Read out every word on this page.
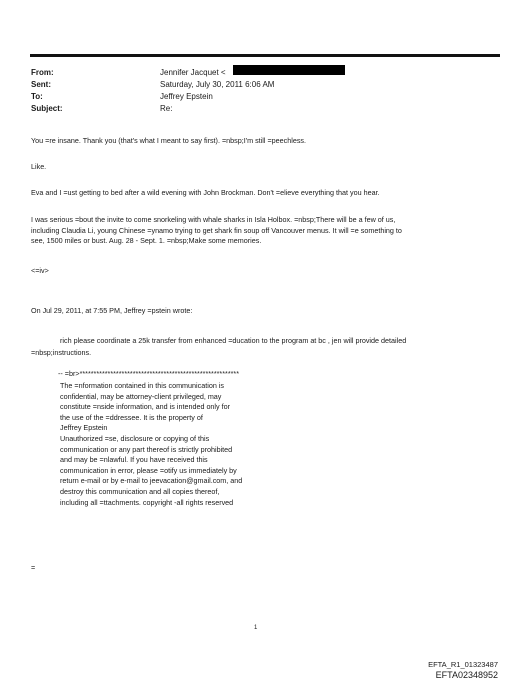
From:
Sent:
To:
Subject:
Jennifer Jacquet <
Saturday, July 30, 2011 6:06 AM
Jeffrey Epstein
Re:
You =re insane. Thank you (that's what I meant to say first). =nbsp;I'm still =peechless.
Like.
Eva and I =ust getting to bed after a wild evening with John Brockman. Don't =elieve everything that you hear.
I was serious =bout the invite to come snorkeling with whale sharks in Isla Holbox. =nbsp;There will be a few of us,
including Claudia Li, young Chinese =ynamo trying to get shark fin soup off Vancouver menus. It will =e something to
see, 1500 miles or bust. Aug. 28 - Sept. 1. =nbsp;Make some memories.
<=iv>
On Jul 29, 2011, at 7:55 PM, Jeffrey =pstein wrote:
rich please coordinate a 25k transfer from enhanced =ducation to the program at bc , jen will provide detailed
=nbsp;instructions.
-- =br>*********************************************************
The =nformation contained in this communication is
confidential, may be attorney-client privileged, may
constitute =nside information, and is intended only for
the use of the =ddressee. It is the property of
Jeffrey Epstein
Unauthorized =se, disclosure or copying of this
communication or any part thereof is strictly prohibited
and may be =nlawful. If you have received this
communication in error, please =otify us immediately by
return e-mail or by e-mail to jeevacation@gmail.com, and
destroy this communication and all copies thereof,
including all =ttachments. copyright -all rights reserved
=
1
EFTA_R1_01323487
EFTA02348952
